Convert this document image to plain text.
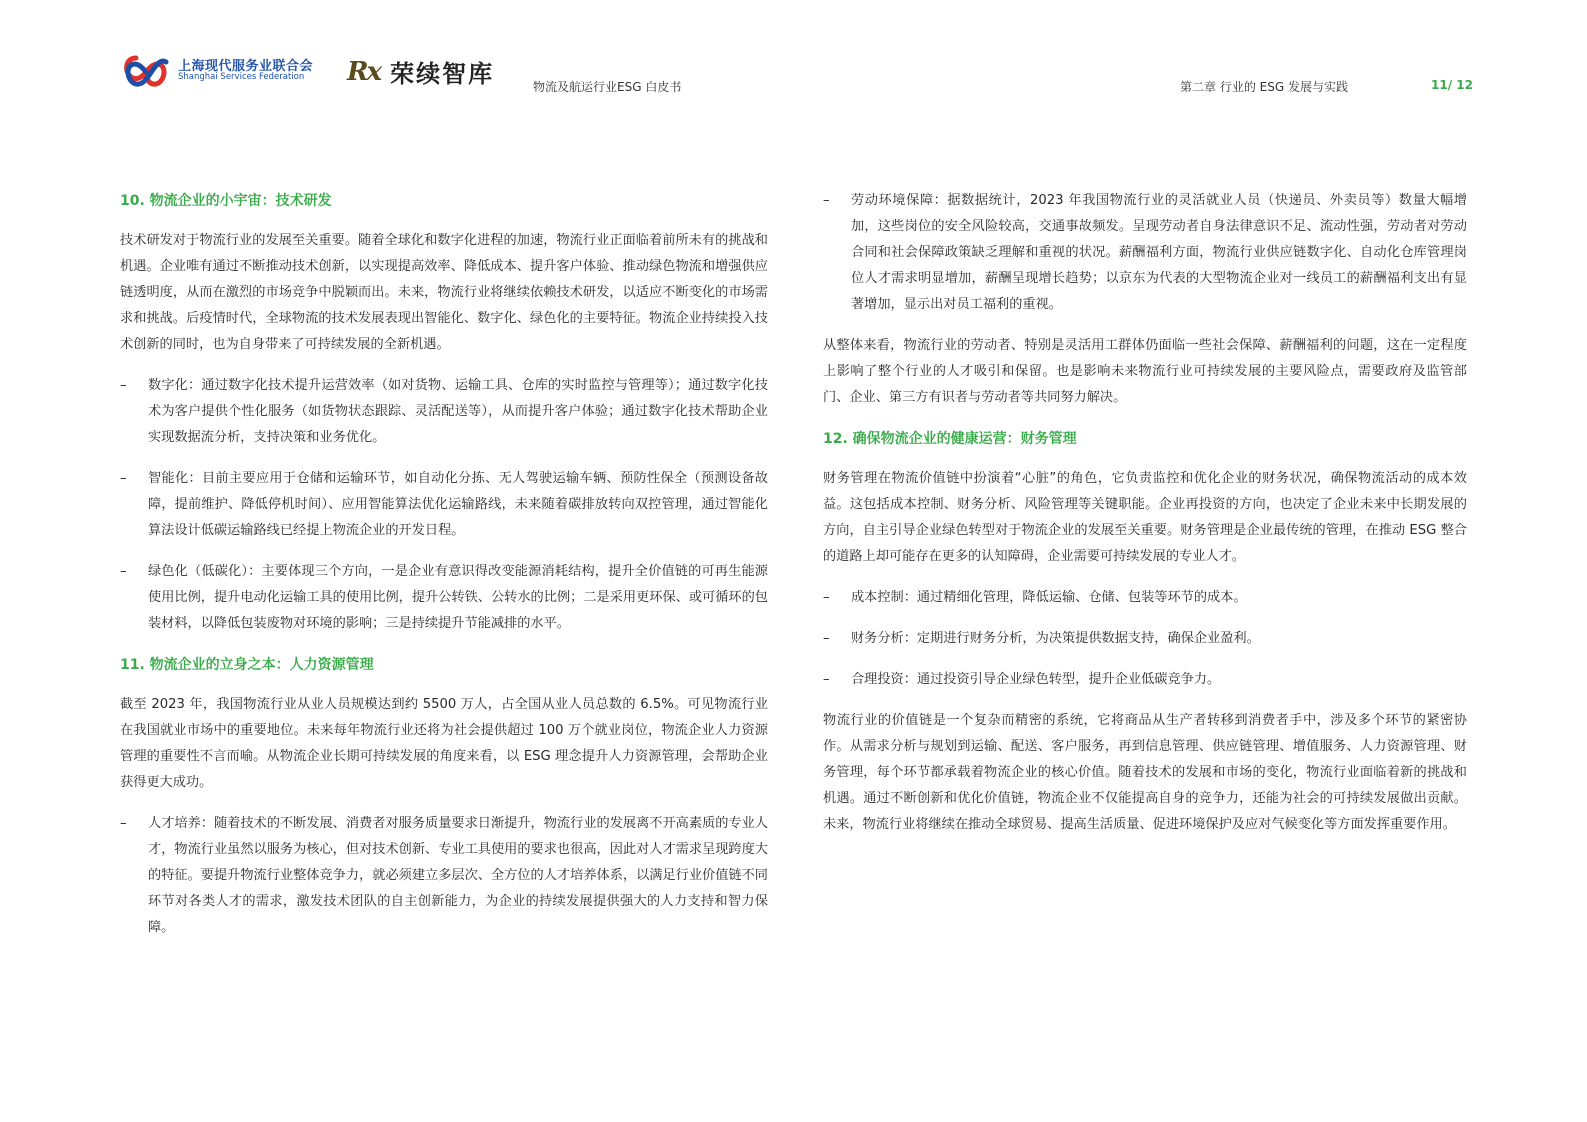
上海现代服务业联合会
Shanghai Services Federation	Rx 荣续智库	物流及航运行业ESG 白皮书	第二章 行业的 ESG 发展与实践	11/ 12
10. 物流企业的小宇宙：技术研发

技术研发对于物流行业的发展至关重要。随着全球化和数字化进程的加速，物流行业正面临着前所未有的挑战和机遇。企业唯有通过不断推动技术创新，以实现提高效率、降低成本、提升客户体验、推动绿色物流和增强供应链透明度，从而在激烈的市场竞争中脱颖而出。未来，物流行业将继续依赖技术研发，以适应不断变化的市场需求和挑战。后疫情时代，全球物流的技术发展表现出智能化、数字化、绿色化的主要特征。物流企业持续投入技术创新的同时，也为自身带来了可持续发展的全新机遇。

– 数字化：通过数字化技术提升运营效率（如对货物、运输工具、仓库的实时监控与管理等）；通过数字化技术为客户提供个性化服务（如货物状态跟踪、灵活配送等），从而提升客户体验；通过数字化技术帮助企业实现数据流分析，支持决策和业务优化。
– 智能化：目前主要应用于仓储和运输环节，如自动化分拣、无人驾驶运输车辆、预防性保全（预测设备故障，提前维护、降低停机时间）、应用智能算法优化运输路线，未来随着碳排放转向双控管理，通过智能化算法设计低碳运输路线已经提上物流企业的开发日程。
– 绿色化（低碳化）：主要体现三个方向，一是企业有意识得改变能源消耗结构，提升全价值链的可再生能源使用比例，提升电动化运输工具的使用比例，提升公转铁、公转水的比例；二是采用更环保、或可循环的包装材料，以降低包装废物对环境的影响；三是持续提升节能减排的水平。
11. 物流企业的立身之本：人力资源管理

截至 2023 年，我国物流行业从业人员规模达到约 5500 万人，占全国从业人员总数的 6.5%。可见物流行业在我国就业市场中的重要地位。未来每年物流行业还将为社会提供超过 100 万个就业岗位，物流企业人力资源管理的重要性不言而喻。从物流企业长期可持续发展的角度来看，以 ESG 理念提升人力资源管理，会帮助企业获得更大成功。

– 人才培养：随着技术的不断发展、消费者对服务质量要求日渐提升，物流行业的发展离不开高素质的专业人才，物流行业虽然以服务为核心，但对技术创新、专业工具使用的要求也很高，因此对人才需求呈现跨度大的特征。要提升物流行业整体竞争力，就必须建立多层次、全方位的人才培养体系，以满足行业价值链不同环节对各类人才的需求，激发技术团队的自主创新能力，为企业的持续发展提供强大的人力支持和智力保障。
– 劳动环境保障：据数据统计，2023 年我国物流行业的灵活就业人员（快递员、外卖员等）数量大幅增加，这些岗位的安全风险较高，交通事故频发。呈现劳动者自身法律意识不足、流动性强，劳动者对劳动合同和社会保障政策缺乏理解和重视的状况。薪酬福利方面，物流行业供应链数字化、自动化仓库管理岗位人才需求明显增加，薪酬呈现增长趋势；以京东为代表的大型物流企业对一线员工的薪酬福利支出有显著增加，显示出对员工福利的重视。

从整体来看，物流行业的劳动者、特别是灵活用工群体仍面临一些社会保障、薪酬福利的问题，这在一定程度上影响了整个行业的人才吸引和保留。也是影响未来物流行业可持续发展的主要风险点，需要政府及监管部门、企业、第三方有识者与劳动者等共同努力解决。

12. 确保物流企业的健康运营：财务管理

财务管理在物流价值链中扮演着“心脏”的角色，它负责监控和优化企业的财务状况，确保物流活动的成本效益。这包括成本控制、财务分析、风险管理等关键职能。企业再投资的方向，也决定了企业未来中长期发展的方向，自主引导企业绿色转型对于物流企业的发展至关重要。财务管理是企业最传统的管理，在推动 ESG 整合的道路上却可能存在更多的认知障碍，企业需要可持续发展的专业人才。

– 成本控制：通过精细化管理，降低运输、仓储、包装等环节的成本。
– 财务分析：定期进行财务分析，为决策提供数据支持，确保企业盈利。
– 合理投资：通过投资引导企业绿色转型，提升企业低碳竞争力。

物流行业的价值链是一个复杂而精密的系统，它将商品从生产者转移到消费者手中，涉及多个环节的紧密协作。从需求分析与规划到运输、配送、客户服务，再到信息管理、供应链管理、增值服务、人力资源管理、财务管理，每个环节都承载着物流企业的核心价值。随着技术的发展和市场的变化，物流行业面临着新的挑战和机遇。通过不断创新和优化价值链，物流企业不仅能提高自身的竞争力，还能为社会的可持续发展做出贡献。未来，物流行业将继续在推动全球贸易、提高生活质量、促进环境保护及应对气候变化等方面发挥重要作用。
